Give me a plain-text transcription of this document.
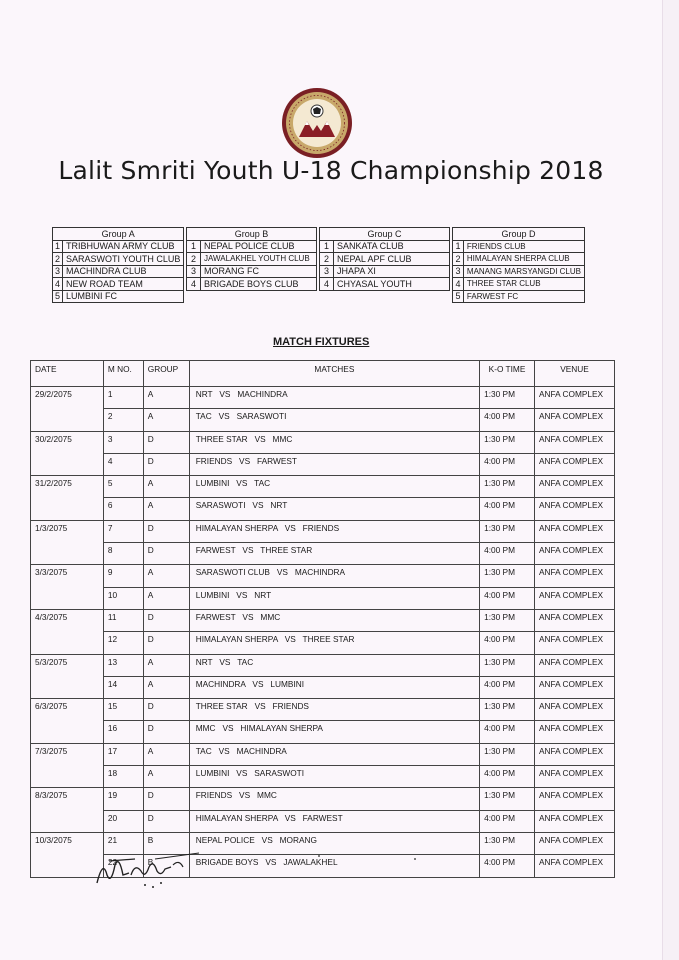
Lalit Smriti Youth U-18 Championship 2018
Group A	
1	TRIBHUWAN ARMY CLUB
2	SARASWOTI YOUTH CLUB
3	MACHINDRA CLUB
4	NEW ROAD TEAM
5	LUMBINI FC
Group B	
1	NEPAL POLICE CLUB
2	JAWALAKHEL YOUTH CLUB
3	MORANG FC
4	BRIGADE BOYS CLUB
Group C	
1	SANKATA CLUB
2	NEPAL APF CLUB
3	JHAPA XI
4	CHYASAL YOUTH
Group D	
1	FRIENDS CLUB
2	HIMALAYAN SHERPA CLUB
3	MANANG MARSYANGDI CLUB
4	THREE STAR CLUB
5	FARWEST FC
MATCH FIXTURES
DATE	M NO.	GROUP	MATCHES	K-O TIME	VENUE
29/2/2075	1	A	NRT   VS   MACHINDRA	1:30 PM	ANFA COMPLEX
	2	A	TAC   VS   SARASWOTI	4:00 PM	ANFA COMPLEX
30/2/2075	3	D	THREE STAR   VS   MMC	1:30 PM	ANFA COMPLEX
	4	D	FRIENDS   VS   FARWEST	4:00 PM	ANFA COMPLEX
31/2/2075	5	A	LUMBINI   VS   TAC	1:30 PM	ANFA COMPLEX
	6	A	SARASWOTI   VS   NRT	4:00 PM	ANFA COMPLEX
1/3/2075	7	D	HIMALAYAN SHERPA   VS   FRIENDS	1:30 PM	ANFA COMPLEX
	8	D	FARWEST   VS   THREE STAR	4:00 PM	ANFA COMPLEX
3/3/2075	9	A	SARASWOTI CLUB   VS   MACHINDRA	1:30 PM	ANFA COMPLEX
	10	A	LUMBINI   VS   NRT	4:00 PM	ANFA COMPLEX
4/3/2075	11	D	FARWEST   VS   MMC	1:30 PM	ANFA COMPLEX
	12	D	HIMALAYAN SHERPA   VS   THREE STAR	4:00 PM	ANFA COMPLEX
5/3/2075	13	A	NRT   VS   TAC	1:30 PM	ANFA COMPLEX
	14	A	MACHINDRA   VS   LUMBINI	4:00 PM	ANFA COMPLEX
6/3/2075	15	D	THREE STAR   VS   FRIENDS	1:30 PM	ANFA COMPLEX
	16	D	MMC   VS   HIMALAYAN SHERPA	4:00 PM	ANFA COMPLEX
7/3/2075	17	A	TAC   VS   MACHINDRA	1:30 PM	ANFA COMPLEX
	18	A	LUMBINI   VS   SARASWOTI	4:00 PM	ANFA COMPLEX
8/3/2075	19	D	FRIENDS   VS   MMC	1:30 PM	ANFA COMPLEX
	20	D	HIMALAYAN SHERPA   VS   FARWEST	4:00 PM	ANFA COMPLEX
10/3/2075	21	B	NEPAL POLICE   VS   MORANG	1:30 PM	ANFA COMPLEX
	22	B	BRIGADE BOYS   VS   JAWALAKHEL	4:00 PM	ANFA COMPLEX
